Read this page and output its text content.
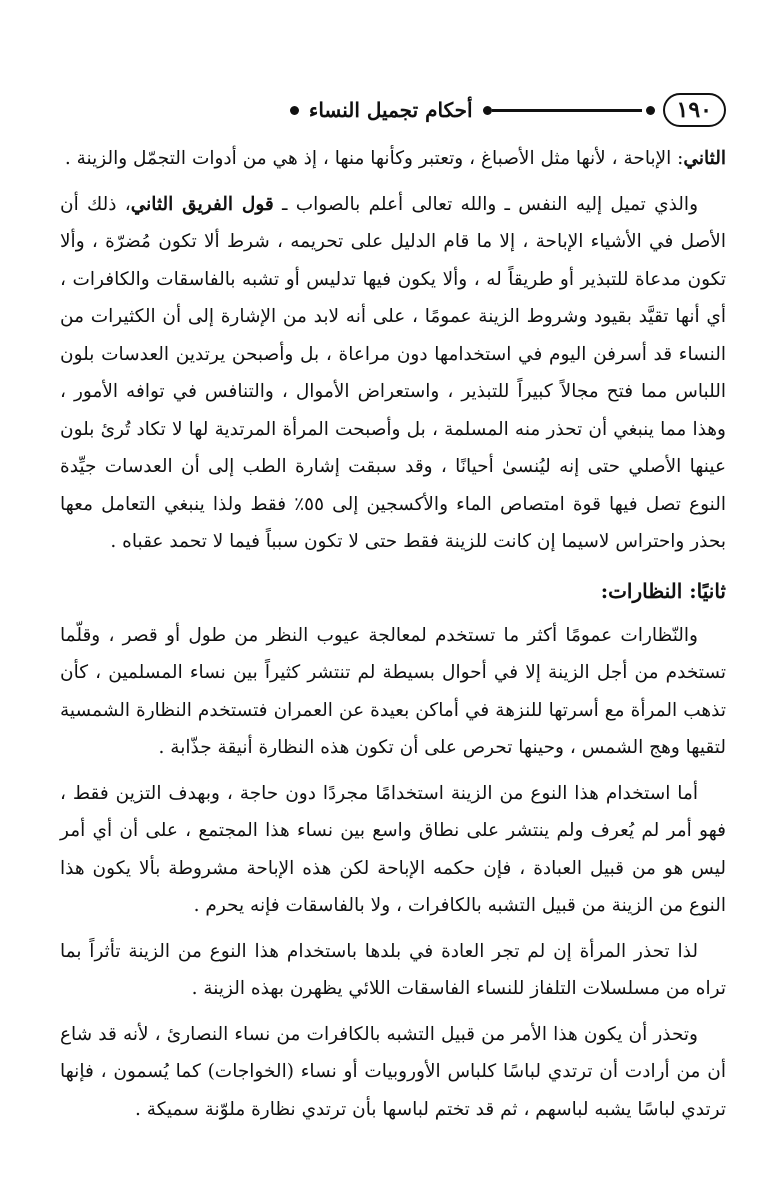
١٩٠
أحكام تجميل النساء

الثاني: الإباحة ، لأنها مثل الأصباغ ، وتعتبر وكأنها منها ، إذ هي من أدوات التجمّل والزينة .

والذي تميل إليه النفس ـ والله تعالى أعلم بالصواب ـ قول الفريق الثاني، ذلك أن الأصل في الأشياء الإباحة ، إلا ما قام الدليل على تحريمه ، شرط ألا تكون مُضرّة ، وألا تكون مدعاة للتبذير أو طريقاً له ، وألا يكون فيها تدليس أو تشبه بالفاسقات والكافرات ، أي أنها تقيَّد بقيود وشروط الزينة عمومًا ، على أنه لابد من الإشارة إلى أن الكثيرات من النساء قد أسرفن اليوم في استخدامها دون مراعاة ، بل وأصبحن يرتدين العدسات بلون اللباس مما فتح مجالاً كبيراً للتبذير ، واستعراض الأموال ، والتنافس في توافه الأمور ، وهذا مما ينبغي أن تحذر منه المسلمة ، بل وأصبحت المرأة المرتدية لها لا تكاد تُرئ بلون عينها الأصلي حتى إنه ليُنسىٰ أحيانًا ، وقد سبقت إشارة الطب إلى أن العدسات جيِّدة النوع تصل فيها قوة امتصاص الماء والأكسجين إلى ٥٥٪ فقط ولذا ينبغي التعامل معها بحذر واحتراس لاسيما إن كانت للزينة فقط حتى لا تكون سبباً فيما لا تحمد عقباه .

ثانيًا: النظارات:

والنّظارات عمومًا أكثر ما تستخدم لمعالجة عيوب النظر من طول أو قصر ، وقلّما تستخدم من أجل الزينة إلا في أحوال بسيطة لم تنتشر كثيراً بين نساء المسلمين ، كأن تذهب المرأة مع أسرتها للنزهة في أماكن بعيدة عن العمران فتستخدم النظارة الشمسية لتقيها وهج الشمس ، وحينها تحرص على أن تكون هذه النظارة أنيقة جذّابة .

أما استخدام هذا النوع من الزينة استخدامًا مجردًا دون حاجة ، وبهدف التزين فقط ، فهو أمر لم يُعرف ولم ينتشر على نطاق واسع بين نساء هذا المجتمع ، على أن أي أمر ليس هو من قبيل العبادة ، فإن حكمه الإباحة لكن هذه الإباحة مشروطة بألا يكون هذا النوع من الزينة من قبيل التشبه بالكافرات ، ولا بالفاسقات فإنه يحرم .

لذا تحذر المرأة إن لم تجر العادة في بلدها باستخدام هذا النوع من الزينة تأثراً بما تراه من مسلسلات التلفاز للنساء الفاسقات اللائي يظهرن بهذه الزينة .

وتحذر أن يكون هذا الأمر من قبيل التشبه بالكافرات من نساء النصارئ ، لأنه قد شاع أن من أرادت أن ترتدي لباسًا كلباس الأوروبيات أو نساء (الخواجات) كما يُسمون ، فإنها ترتدي لباسًا يشبه لباسهم ، ثم قد تختم لباسها بأن ترتدي نظارة ملوّنة سميكة .
